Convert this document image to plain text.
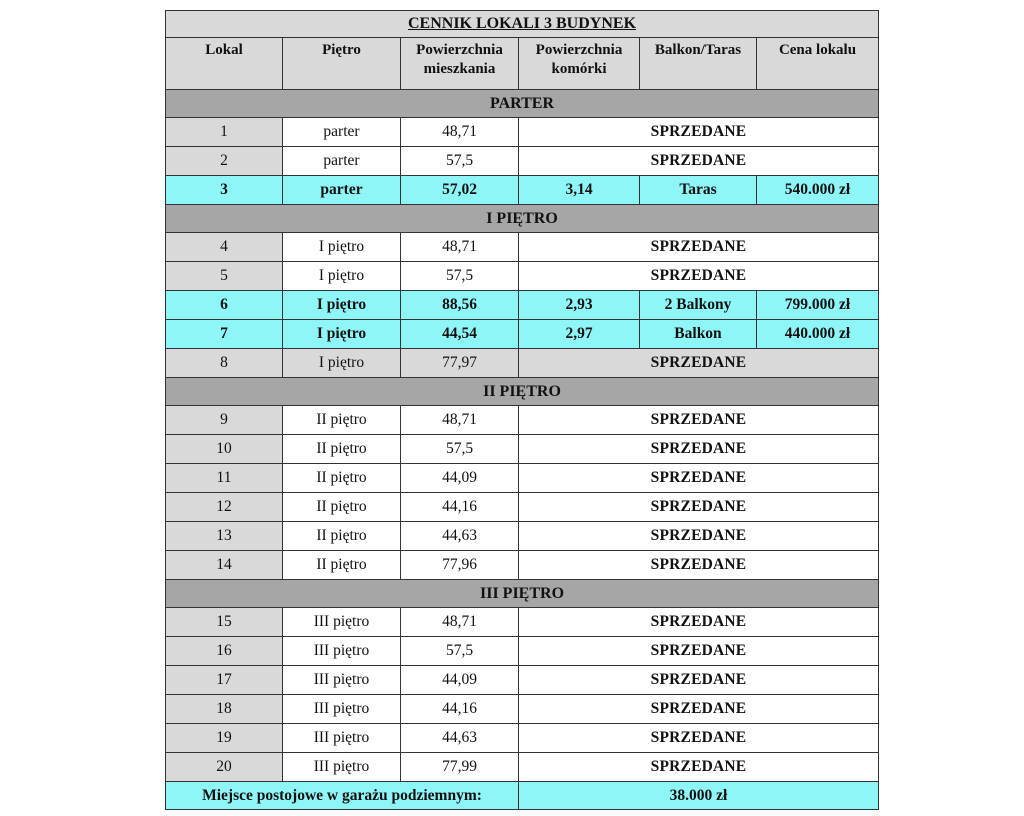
CENNIK LOKALI 3 BUDYNEK					
Lokal	Piętro	Powierzchnia mieszkania	Powierzchnia komórki	Balkon/Taras	Cena lokalu
PARTER					
1	parter	48,71	SPRZEDANE		
2	parter	57,5	SPRZEDANE		
3	parter	57,02	3,14	Taras	540.000 zł
I PIĘTRO					
4	I piętro	48,71	SPRZEDANE		
5	I piętro	57,5	SPRZEDANE		
6	I piętro	88,56	2,93	2 Balkony	799.000 zł
7	I piętro	44,54	2,97	Balkon	440.000 zł
8	I piętro	77,97	SPRZEDANE		
II PIĘTRO					
9	II piętro	48,71	SPRZEDANE		
10	II piętro	57,5	SPRZEDANE		
11	II piętro	44,09	SPRZEDANE		
12	II piętro	44,16	SPRZEDANE		
13	II piętro	44,63	SPRZEDANE		
14	II piętro	77,96	SPRZEDANE		
III PIĘTRO					
15	III piętro	48,71	SPRZEDANE		
16	III piętro	57,5	SPRZEDANE		
17	III piętro	44,09	SPRZEDANE		
18	III piętro	44,16	SPRZEDANE		
19	III piętro	44,63	SPRZEDANE		
20	III piętro	77,99	SPRZEDANE		
Miejsce postojowe w garażu podziemnym:			38.000 zł		
